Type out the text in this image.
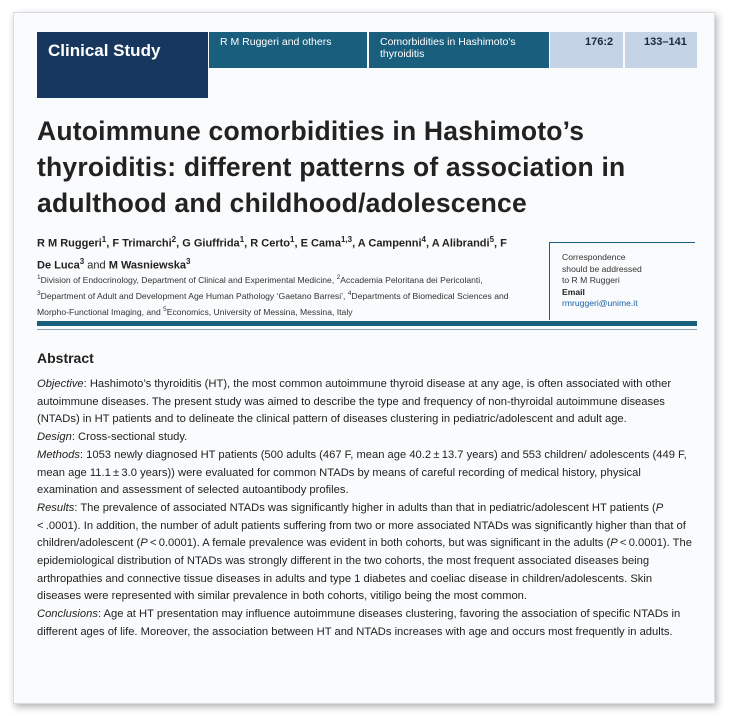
Clinical Study	R M Ruggeri and others	Comorbidities in Hashimoto's thyroiditis
176:2	133–141
Autoimmune comorbidities in Hashimoto’s thyroiditis: different patterns of association in adulthood and childhood/adolescence
R M Ruggeri$^1$, F Trimarchi$^2$, G Giuffrida$^1$, R Certo$^1$, E Cama$^{1,3}$, A Campenni$^4$, A Alibrandi$^5$, F De Luca$^3$ and M Wasniewska$^3$
$^1$Division of Endocrinology, Department of Clinical and Experimental Medicine, $^2$Accademia Peloritana dei Pericolanti, $^3$Department of Adult and Development Age Human Pathology ‘Gaetano Barresi’, $^4$Departments of Biomedical Sciences and Morpho-Functional Imaging, and $^5$Economics, University of Messina, Messina, Italy
Correspondence
should be addressed
to R M Ruggeri
Email
rmruggeri@unime.it
Abstract

Objective: Hashimoto’s thyroiditis (HT), the most common autoimmune thyroid disease at any age, is often associated with other autoimmune diseases. The present study was aimed to describe the type and frequency of non-thyroidal autoimmune diseases (NTADs) in HT patients and to delineate the clinical pattern of diseases clustering in pediatric/adolescent and adult age.

Design: Cross-sectional study.

Methods: 1053 newly diagnosed HT patients (500 adults (467 F, mean age 40.2 ± 13.7 years) and 553 children/ adolescents (449 F, mean age 11.1 ± 3.0 years)) were evaluated for common NTADs by means of careful recording of medical history, physical examination and assessment of selected autoantibody profiles.

Results: The prevalence of associated NTADs was significantly higher in adults than that in pediatric/adolescent HT patients (P < .0001). In addition, the number of adult patients suffering from two or more associated NTADs was significantly higher than that of children/adolescent (P < 0.0001). A female prevalence was evident in both cohorts, but was significant in the adults (P < 0.0001). The epidemiological distribution of NTADs was strongly different in the two cohorts, the most frequent associated diseases being arthropathies and connective tissue diseases in adults and type 1 diabetes and coeliac disease in children/adolescents. Skin diseases were represented with similar prevalence in both cohorts, vitiligo being the most common.

Conclusions: Age at HT presentation may influence autoimmune diseases clustering, favoring the association of specific NTADs in different ages of life. Moreover, the association between HT and NTADs increases with age and occurs most frequently in adults.
